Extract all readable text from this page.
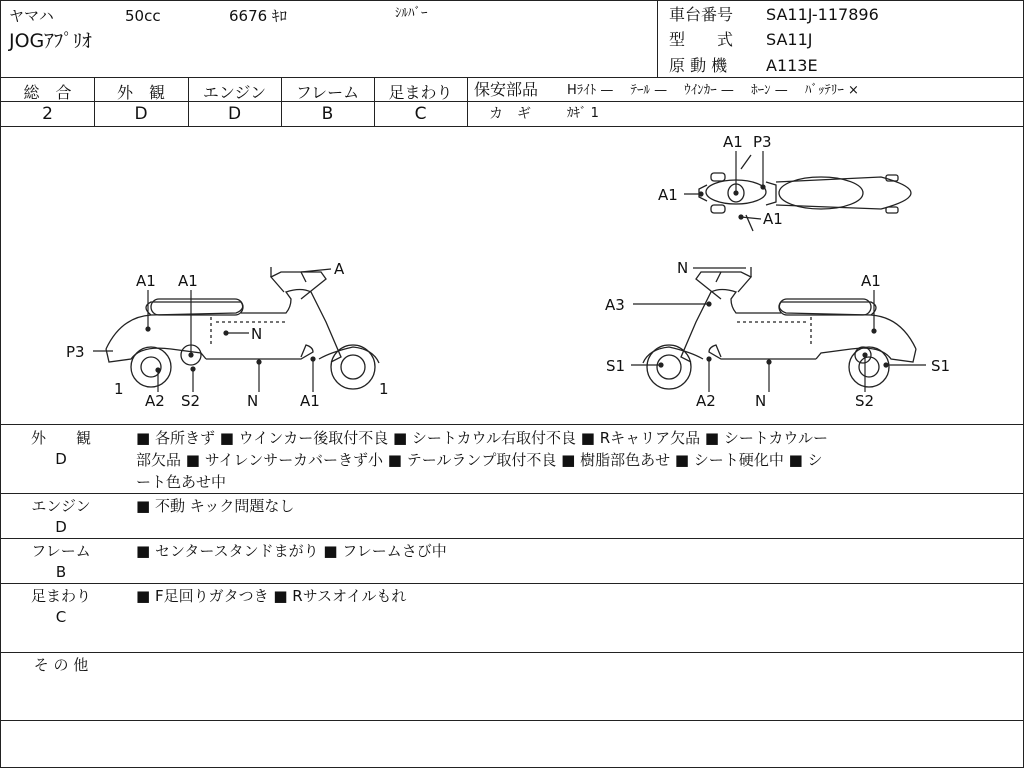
ヤマハ	50cc	6676 ｷﾛ	ｼﾙﾊﾞｰ
JOGｱﾌﾟﾘｵ
車台番号 SA11J-117896
型　　式 SA11J
原 動 機 A113E
総　合
2
外　観
D
エンジン
D
フレーム
B
足まわり
C
保安部品 Hﾗｲﾄ —　 ﾃｰﾙ —　 ｳｲﾝｶｰ —　 ﾎｰﾝ —　 ﾊﾞｯﾃﾘｰ ×
カ　ギ	ｶｷﾞ 1
A1 P3
A1
A1
A1 A1
A
N
P3
1
A2 S2	N	A1
1
N
A1
A3
S1	S1
A2	N	S2
外　　観
D
■ 各所きず ■ ウインカー後取付不良 ■ シートカウル右取付不良 ■ Rキャリア欠品 ■ シートカウルー
部欠品 ■ サイレンサーカバーきず小 ■ テールランプ取付不良 ■ 樹脂部色あせ ■ シート硬化中 ■ シ
ート色あせ中
エンジン
D
■ 不動 キック問題なし
フレーム
B
■ センタースタンドまがり ■ フレームさび中
足まわり
C
■ F足回りガタつき ■ Rサスオイルもれ
そ の 他
